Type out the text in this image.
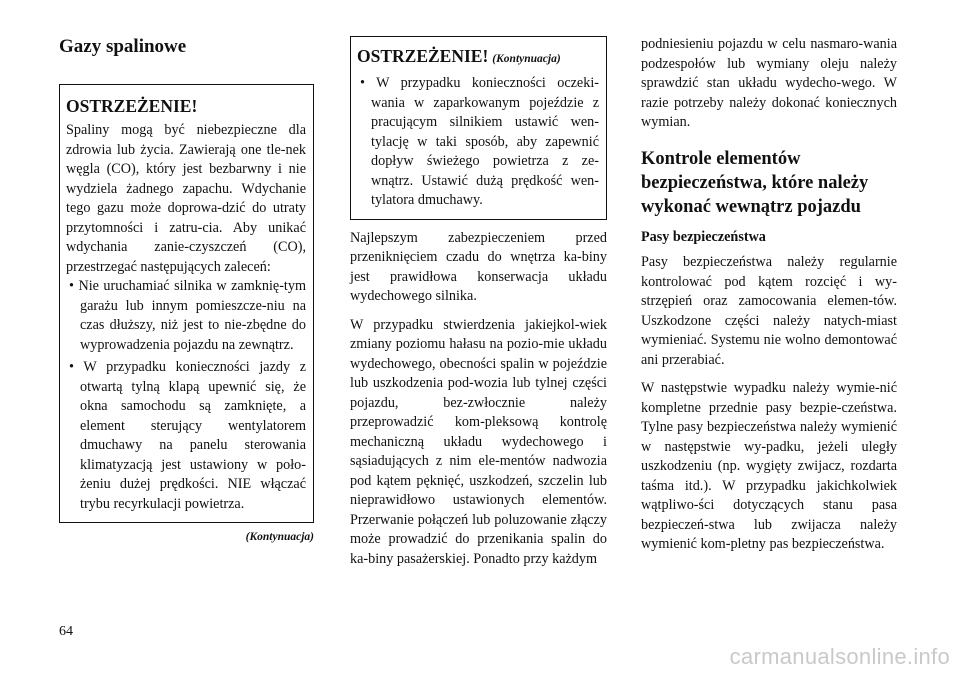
Gazy spalinowe
OSTRZEŻENIE!

Spaliny mogą być niebezpieczne dla zdrowia lub życia. Zawierają one tle-nek węgla (CO), który jest bezbarwny i nie wydziela żadnego zapachu. Wdychanie tego gazu może doprowa-dzić do utraty przytomności i zatru-cia. Aby unikać wdychania zanie-czyszczeń (CO), przestrzegać następujących zaleceń:

• Nie uruchamiać silnika w zamknię-tym garażu lub innym pomieszcze-niu na czas dłuższy, niż jest to nie-zbędne do wyprowadzenia pojazdu na zewnątrz.
• W przypadku konieczności jazdy z otwartą tylną klapą upewnić się, że okna samochodu są zamknięte, a element sterujący wentylatorem dmuchawy na panelu sterowania klimatyzacją jest ustawiony w poło-żeniu dużej prędkości. NIE włączać trybu recyrkulacji powietrza.
(Kontynuacja)
OSTRZEŻENIE! (Kontynuacja)
• W przypadku konieczności oczeki-wania w zaparkowanym pojeździe z pracującym silnikiem ustawić wen-tylację w taki sposób, aby zapewnić dopływ świeżego powietrza z ze-wnątrz. Ustawić dużą prędkość wen-tylatora dmuchawy.

Najlepszym zabezpieczeniem przed przeniknięciem czadu do wnętrza ka-biny jest prawidłowa konserwacja układu wydechowego silnika.

W przypadku stwierdzenia jakiejkol-wiek zmiany poziomu hałasu na pozio-mie układu wydechowego, obecności spalin w pojeździe lub uszkodzenia pod-wozia lub tylnej części pojazdu, bez-zwłocznie należy przeprowadzić kom-pleksową kontrolę mechaniczną układu wydechowego i sąsiadujących z nim ele-mentów nadwozia pod kątem pęknięć, uszkodzeń, szczelin lub nieprawidłowo ustawionych elementów. Przerwanie połączeń lub poluzowanie złączy może prowadzić do przenikania spalin do ka-biny pasażerskiej. Ponadto przy każdym

podniesieniu pojazdu w celu nasmaro-wania podzespołów lub wymiany oleju należy sprawdzić stan układu wydecho-wego. W razie potrzeby należy dokonać koniecznych wymian.

Kontrole elementów bezpieczeństwa, które należy wykonać wewnątrz pojazdu
Pasy bezpieczeństwa

Pasy bezpieczeństwa należy regularnie kontrolować pod kątem rozcięć i wy-strzępień oraz zamocowania elemen-tów. Uszkodzone części należy natych-miast wymieniać. Systemu nie wolno demontować ani przerabiać.

W następstwie wypadku należy wymie-nić kompletne przednie pasy bezpie-czeństwa. Tylne pasy bezpieczeństwa należy wymienić w następstwie wy-padku, jeżeli uległy uszkodzeniu (np. wygięty zwijacz, rozdarta taśma itd.). W przypadku jakichkolwiek wątpliwo-ści dotyczących stanu pasa bezpieczeń-stwa lub zwijacza należy wymienić kom-pletny pas bezpieczeństwa.

64
carmanualsonline.info
